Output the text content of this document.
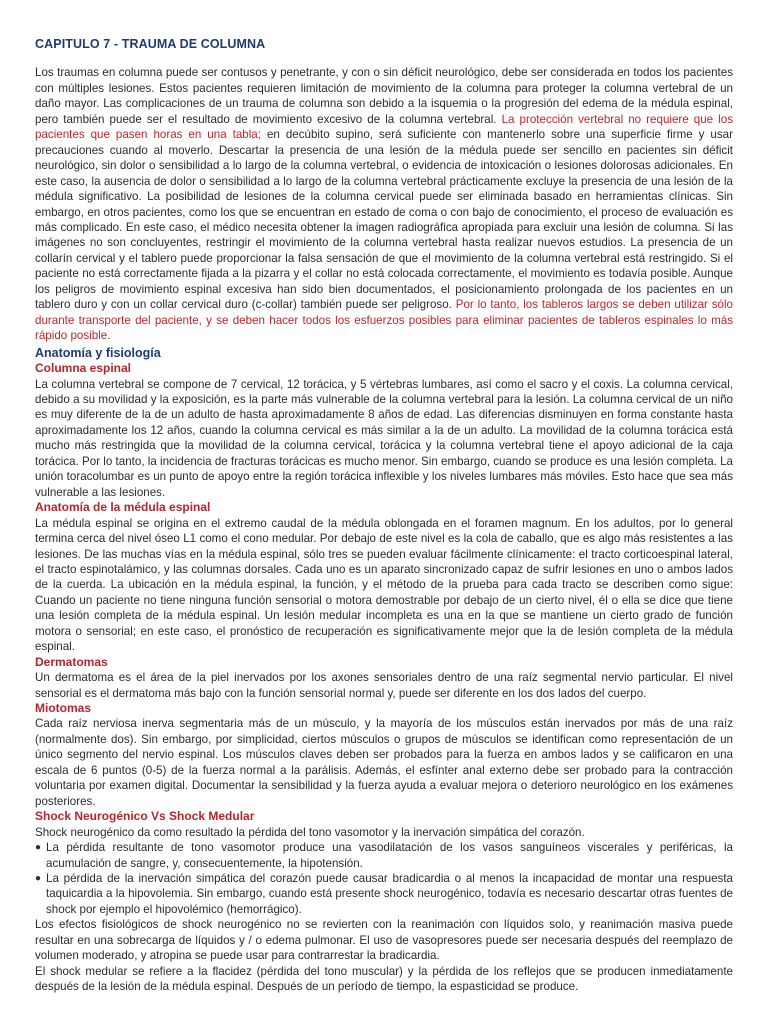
CAPITULO 7 - TRAUMA DE COLUMNA

Los traumas en columna puede ser contusos y penetrante, y con o sin déficit neurológico, debe ser considerada en todos los pacientes con múltiples lesiones. Estos pacientes requieren limitación de movimiento de la columna para proteger la columna vertebral de un daño mayor. Las complicaciones de un trauma de columna son debido a la isquemia o la progresión del edema de la médula espinal, pero también puede ser el resultado de movimiento excesivo de la columna vertebral. La protección vertebral no requiere que los pacientes que pasen horas en una tabla; en decúbito supino, será suficiente con mantenerlo sobre una superficie firme y usar precauciones cuando al moverlo. Descartar la presencia de una lesión de la médula puede ser sencillo en pacientes sin déficit neurológico, sin dolor o sensibilidad a lo largo de la columna vertebral, o evidencia de intoxicación o lesiones dolorosas adicionales. En este caso, la ausencia de dolor o sensibilidad a lo largo de la columna vertebral prácticamente excluye la presencia de una lesión de la médula significativo. La posibilidad de lesiones de la columna cervical puede ser eliminada basado en herramientas clínicas. Sin embargo, en otros pacientes, como los que se encuentran en estado de coma o con bajo de conocimiento, el proceso de evaluación es más complicado. En este caso, el médico necesita obtener la imagen radiográfica apropiada para excluir una lesión de columna. Si las imágenes no son concluyentes, restringir el movimiento de la columna vertebral hasta realizar nuevos estudios. La presencia de un collarín cervical y el tablero puede proporcionar la falsa sensación de que el movimiento de la columna vertebral está restringido. Si el paciente no está correctamente fijada a la pizarra y el collar no está colocada correctamente, el movimiento es todavía posible. Aunque los peligros de movimiento espinal excesiva han sido bien documentados, el posicionamiento prolongada de los pacientes en un tablero duro y con un collar cervical duro (c-collar) también puede ser peligroso. Por lo tanto, los tableros largos se deben utilizar sólo durante transporte del paciente, y se deben hacer todos los esfuerzos posibles para eliminar pacientes de tableros espinales lo más rápido posible.

Anatomía y fisiología
Columna espinal

La columna vertebral se compone de 7 cervical, 12 torácica, y 5 vértebras lumbares, así como el sacro y el coxis. La columna cervical, debido a su movilidad y la exposición, es la parte más vulnerable de la columna vertebral para la lesión. La columna cervical de un niño es muy diferente de la de un adulto de hasta aproximadamente 8 años de edad. Las diferencias disminuyen en forma constante hasta aproximadamente los 12 años, cuando la columna cervical es más similar a la de un adulto. La movilidad de la columna torácica está mucho más restringida que la movilidad de la columna cervical, torácica y la columna vertebral tiene el apoyo adicional de la caja torácica. Por lo tanto, la incidencia de fracturas torácicas es mucho menor. Sin embargo, cuando se produce es una lesión completa. La unión toracolumbar es un punto de apoyo entre la región torácica inflexible y los niveles lumbares más móviles. Esto hace que sea más vulnerable a las lesiones.

Anatomía de la médula espinal

La médula espinal se origina en el extremo caudal de la médula oblongada en el foramen magnum. En los adultos, por lo general termina cerca del nivel óseo L1 como el cono medular. Por debajo de este nivel es la cola de caballo, que es algo más resistentes a las lesiones. De las muchas vías en la médula espinal, sólo tres se pueden evaluar fácilmente clínicamente: el tracto corticoespinal lateral, el tracto espinotalámico, y las columnas dorsales. Cada uno es un aparato sincronizado capaz de sufrir lesiones en uno o ambos lados de la cuerda. La ubicación en la médula espinal, la función, y el método de la prueba para cada tracto se describen como sigue: Cuando un paciente no tiene ninguna función sensorial o motora demostrable por debajo de un cierto nivel, él o ella se dice que tiene una lesión completa de la médula espinal. Un lesión medular incompleta es una en la que se mantiene un cierto grado de función motora o sensorial; en este caso, el pronóstico de recuperación es significativamente mejor que la de lesión completa de la médula espinal.

Dermatomas

Un dermatoma es el área de la piel inervados por los axones sensoriales dentro de una raíz segmental nervio particular. El nivel sensorial es el dermatoma más bajo con la función sensorial normal y, puede ser diferente en los dos lados del cuerpo.

Miotomas

Cada raíz nerviosa inerva segmentaria más de un músculo, y la mayoría de los músculos están inervados por más de una raíz (normalmente dos). Sin embargo, por simplicidad, ciertos músculos o grupos de músculos se identifican como representación de un único segmento del nervio espinal. Los músculos claves deben ser probados para la fuerza en ambos lados y se calificaron en una escala de 6 puntos (0-5) de la fuerza normal a la parálisis. Además, el esfínter anal externo debe ser probado para la contracción voluntaria por examen digital. Documentar la sensibilidad y la fuerza ayuda a evaluar mejora o deterioro neurológico en los exámenes posteriores.

Shock Neurogénico Vs Shock Medular

Shock neurogénico da como resultado la pérdida del tono vasomotor y la inervación simpática del corazón.

● La pérdida resultante de tono vasomotor produce una vasodilatación de los vasos sanguíneos viscerales y periféricas, la acumulación de sangre, y, consecuentemente, la hipotensión.
● La pérdida de la inervación simpática del corazón puede causar bradicardia o al menos la incapacidad de montar una respuesta taquicardia a la hipovolemia. Sin embargo, cuando está presente shock neurogénico, todavía es necesario descartar otras fuentes de shock por ejemplo el hipovolémico (hemorrágico).

Los efectos fisiológicos de shock neurogénico no se revierten con la reanimación con líquidos solo, y reanimación masiva puede resultar en una sobrecarga de líquidos y / o edema pulmonar. El uso de vasopresores puede ser necesaria después del reemplazo de volumen moderado, y atropina se puede usar para contrarrestar la bradicardia.

El shock medular se refiere a la flacidez (pérdida del tono muscular) y la pérdida de los reflejos que se producen inmediatamente después de la lesión de la médula espinal. Después de un período de tiempo, la espasticidad se produce.
